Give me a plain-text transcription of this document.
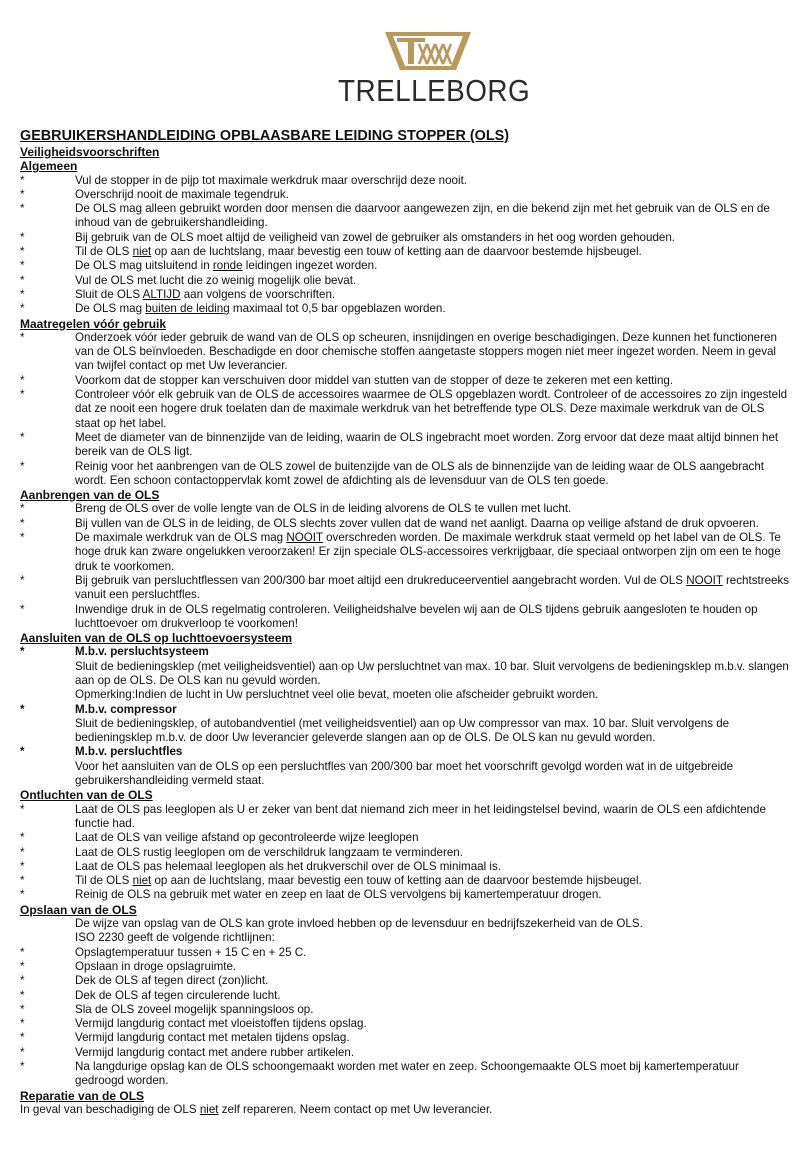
TRELLEBORG
GEBRUIKERSHANDLEIDING OPBLAASBARE LEIDING STOPPER (OLS)
Veiligheidsvoorschriften
Algemeen
*	Vul de stopper in de pijp tot maximale werkdruk maar overschrijd deze nooit.
*	Overschrijd nooit de maximale tegendruk.
*	De OLS mag alleen gebruikt worden door mensen die daarvoor aangewezen zijn, en die bekend zijn met het gebruik van de OLS en de inhoud van de gebruikershandleiding.
*	Bij gebruik van de OLS moet altijd de veiligheid van zowel de gebruiker als omstanders in het oog worden gehouden.
*	Til de OLS niet op aan de luchtslang, maar bevestig een touw of ketting aan de daarvoor bestemde hijsbeugel.
*	De OLS mag uitsluitend in ronde leidingen ingezet worden.
*	Vul de OLS met lucht die zo weinig mogelijk olie bevat.
*	Sluit de OLS ALTIJD aan volgens de voorschriften.
*	De OLS mag buiten de leiding maximaal tot 0,5 bar opgeblazen worden.
Maatregelen vóór gebruik
*	Onderzoek vóór ieder gebruik de wand van de OLS op scheuren, insnijdingen en overige beschadigingen. Deze kunnen het functioneren van de OLS beïnvloeden. Beschadigde en door chemische stoffen aangetaste stoppers mogen niet meer ingezet worden. Neem in geval van twijfel contact op met Uw leverancier.
*	Voorkom dat de stopper kan verschuiven door middel van stutten van de stopper of deze te zekeren met een ketting.
*	Controleer vóór elk gebruik van de OLS de accessoires waarmee de OLS opgeblazen wordt. Controleer of de accessoires zo zijn ingesteld dat ze nooit een hogere druk toelaten dan de maximale werkdruk van het betreffende type OLS. Deze maximale werkdruk van de OLS staat op het label.
*	Meet de diameter van de binnenzijde van de leiding, waarin de OLS ingebracht moet worden. Zorg ervoor dat deze maat altijd binnen het bereik van de OLS ligt.
*	Reinig voor het aanbrengen van de OLS zowel de buitenzijde van de OLS als de binnenzijde van de leiding waar de OLS aangebracht wordt. Een schoon contactoppervlak komt zowel de afdichting als de levensduur van de OLS ten goede.
Aanbrengen van de OLS
*	Breng de OLS over de volle lengte van de OLS in de leiding alvorens de OLS te vullen met lucht.
*	Bij vullen van de OLS in de leiding, de OLS slechts zover vullen dat de wand net aanligt. Daarna op veilige afstand de druk opvoeren.
*	De maximale werkdruk van de OLS mag NOOIT overschreden worden. De maximale werkdruk staat vermeld op het label van de OLS. Te hoge druk kan zware ongelukken veroorzaken! Er zijn speciale OLS-accessoires verkrijgbaar, die speciaal ontworpen zijn om een te hoge druk te voorkomen.
*	Bij gebruik van persluchtflessen van 200/300 bar moet altijd een drukreduceerventiel aangebracht worden. Vul de OLS NOOIT rechtstreeks vanuit een persluchtfles.
*	Inwendige druk in de OLS regelmatig controleren. Veiligheidshalve bevelen wij aan de OLS tijdens gebruik aangesloten te houden op luchttoevoer om drukverloop te voorkomen!
Aansluiten van de OLS op luchttoevoersysteem
*	M.b.v. persluchtsysteem
Sluit de bedieningsklep (met veiligheidsventiel) aan op Uw persluchtnet van max. 10 bar. Sluit vervolgens de bedieningsklep m.b.v. slangen aan op de OLS. De OLS kan nu gevuld worden.
Opmerking:Indien de lucht in Uw persluchtnet veel olie bevat, moeten olie afscheider gebruikt worden.
*	M.b.v. compressor
Sluit de bedieningsklep, of autobandventiel (met veiligheidsventiel) aan op Uw compressor van max. 10 bar. Sluit vervolgens de bedieningsklep m.b.v. de door Uw leverancier geleverde slangen aan op de OLS. De OLS kan nu gevuld worden.
*	M.b.v. persluchtfles
Voor het aansluiten van de OLS op een persluchtfles van 200/300 bar moet het voorschrift gevolgd worden wat in de uitgebreide gebruikershandleiding vermeld staat.
Ontluchten van de OLS
*	Laat de OLS pas leeglopen als U er zeker van bent dat niemand zich meer in het leidingstelsel bevind, waarin de OLS een afdichtende functie had.
*	Laat de OLS van veilige afstand op gecontroleerde wijze leeglopen
*	Laat de OLS rustig leeglopen om de verschildruk langzaam te verminderen.
*	Laat de OLS pas helemaal leeglopen als het drukverschil over de OLS minimaal is.
*	Til de OLS niet op aan de luchtslang, maar bevestig een touw of ketting aan de daarvoor bestemde hijsbeugel.
*	Reinig de OLS na gebruik met water en zeep en laat de OLS vervolgens bij kamertemperatuur drogen.
Opslaan van de OLS
De wijze van opslag van de OLS kan grote invloed hebben op de levensduur en bedrijfszekerheid van de OLS.
ISO 2230 geeft de volgende richtlijnen:
*	Opslagtemperatuur tussen + 15 C en + 25 C.
*	Opslaan in droge opslagruimte.
*	Dek de OLS af tegen direct (zon)licht.
*	Dek de OLS af tegen circulerende lucht.
*	Sla de OLS zoveel mogelijk spanningsloos op.
*	Vermijd langdurig contact met vloeistoffen tijdens opslag.
*	Vermijd langdurig contact met metalen tijdens opslag.
*	Vermijd langdurig contact met andere rubber artikelen.
*	Na langdurige opslag kan de OLS schoongemaakt worden met water en zeep. Schoongemaakte OLS moet bij kamertemperatuur gedroogd worden.
Reparatie van de OLS
In geval van beschadiging de OLS niet zelf repareren. Neem contact op met Uw leverancier.
